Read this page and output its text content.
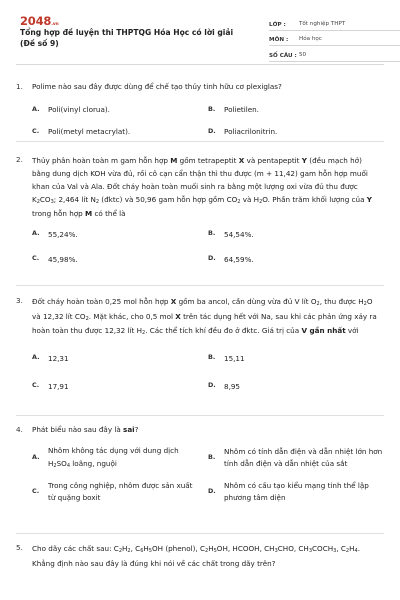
2048.vn
Tổng hợp đề luyện thi THPTQG Hóa Học có lời giải (Đề số 9)
LỚP :	Tốt nghiệp THPT
MÔN :	Hóa học
SỐ CÂU : 50
1.	Polime nào sau đây được dùng để chế tạo thủy tinh hữu cơ plexiglas?
A.	Poli(vinyl clorua).	B.	Polietilen.
C.	Poli(metyl metacrylat).	D.	Poliacrilonitrin.
2.	Thủy phân hoàn toàn m gam hỗn hợp M gồm tetrapeptit X và pentapeptit Y (đều mạch hở) bằng dung dịch KOH vừa đủ, rồi cô cạn cẩn thận thì thu được (m + 11,42) gam hỗn hợp muối khan của Val và Ala. Đốt cháy hoàn toàn muối sinh ra bằng một lượng oxi vừa đủ thu được $K_2CO_3$; 2,464 lít $N_2$ (đktc) và 50,96 gam hỗn hợp gồm $CO_2$ và $H_2O$. Phần trăm khối lượng của Y trong hỗn hợp M có thể là
A.	55,24%.	B.	54,54%.
C.	45,98%.	D.	64,59%.
3.	Đốt cháy hoàn toàn 0,25 mol hỗn hợp X gồm ba ancol, cần dùng vừa đủ V lít $O_2$, thu được $H_2O$ và 12,32 lít $CO_2$. Mặt khác, cho 0,5 mol X trên tác dụng hết với Na, sau khi các phản ứng xảy ra hoàn toàn thu được 12,32 lít $H_2$. Các thể tích khí đều đo ở đktc. Giá trị của V gần nhất với
A.	12,31	B.	15,11
C.	17,91	D.	8,95
4.	Phát biểu nào sau đây là sai?
A.
Nhôm không tác dụng với dung dịch $H_2SO_4$ loãng, nguội
B.
Nhôm có tính dẫn điện và dẫn nhiệt lớn hơn tính dẫn điện và dẫn nhiệt của sắt
C.
Trong công nghiệp, nhôm được sản xuất từ quặng boxit
D.
Nhôm có cấu tạo kiểu mạng tinh thể lập phương tâm diện
5.	Cho dãy các chất sau: $C_2H_2$, $C_6H_5OH$ (phenol), $C_2H_5OH$, HCOOH, $CH_3CHO$, $CH_3COCH_3$, $C_2H_4$. Khẳng định nào sau đây là đúng khi nói về các chất trong dãy trên?
